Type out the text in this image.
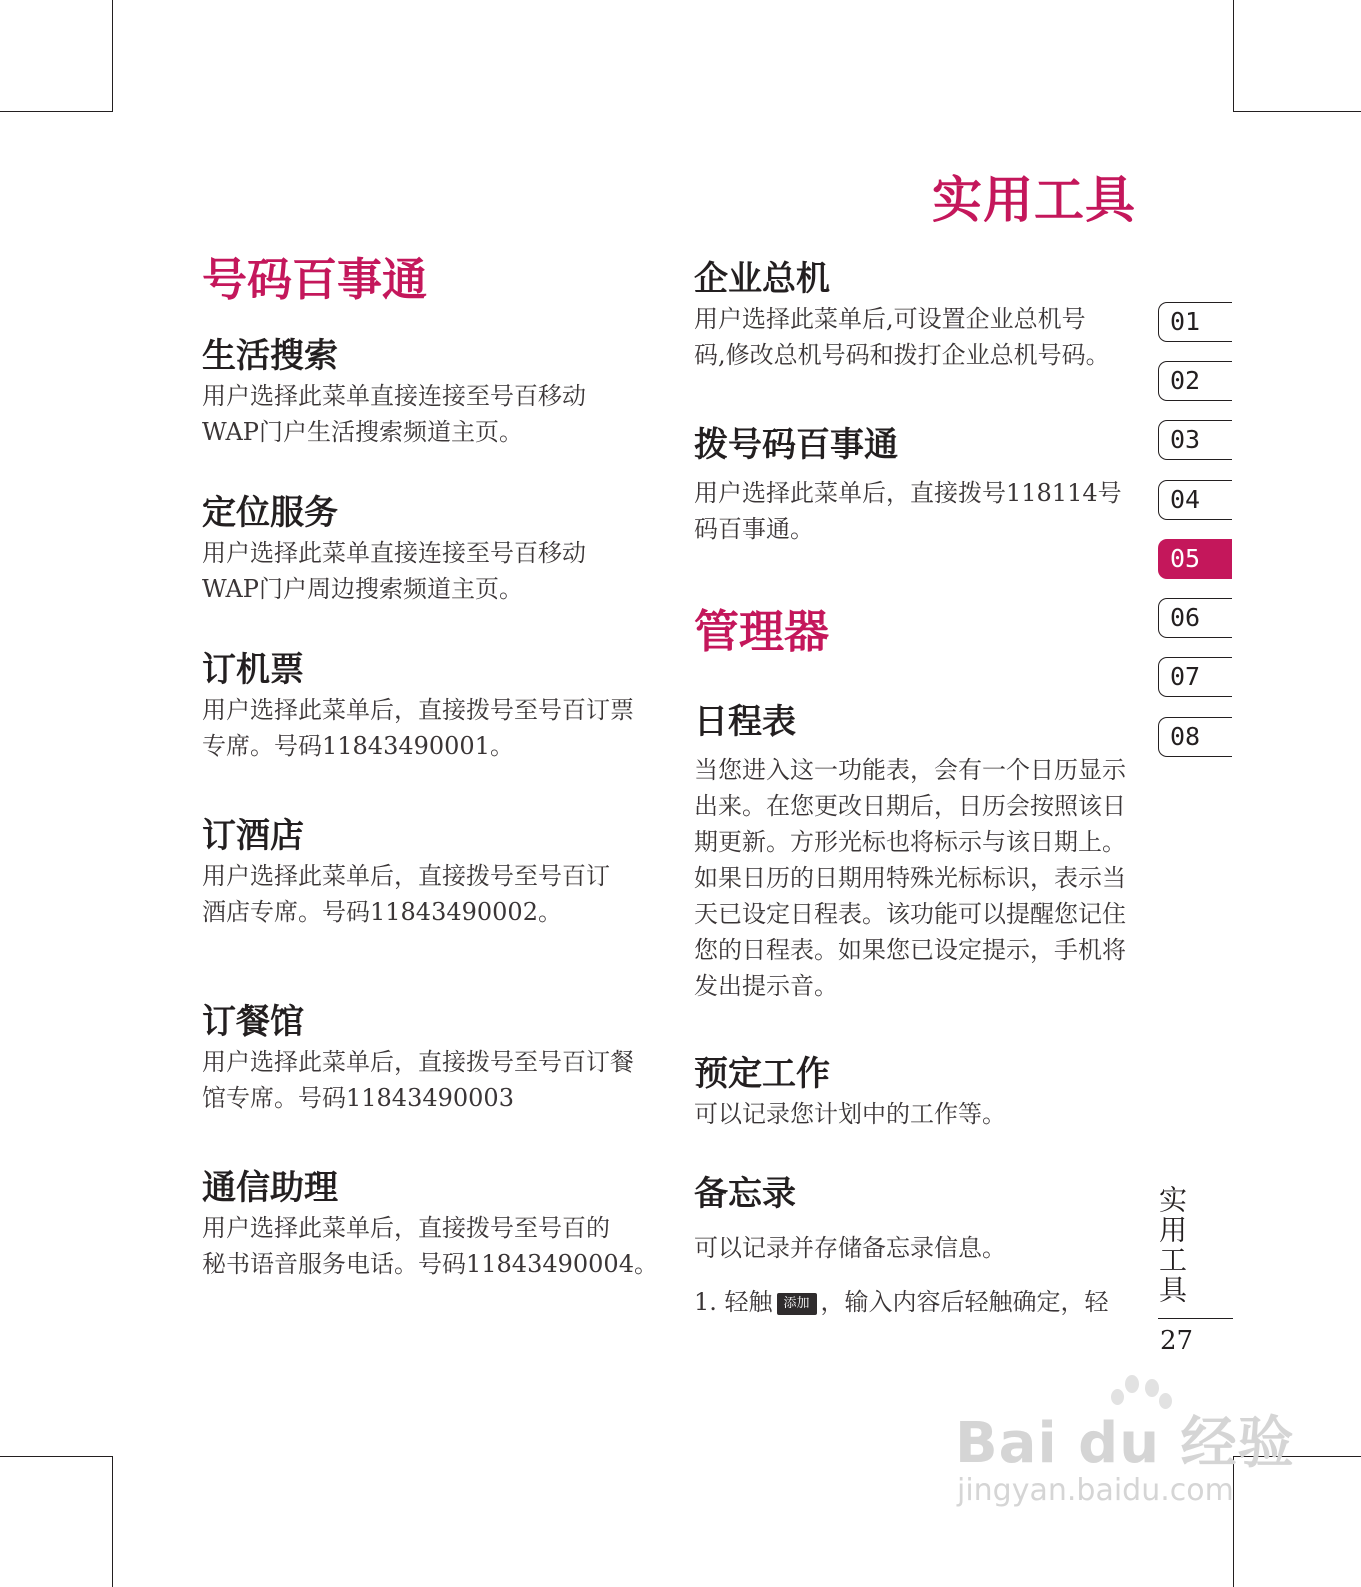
实用工具
号码百事通
生活搜索
用户选择此菜单直接连接至号百移动
WAP门户生活搜索频道主页。
定位服务
用户选择此菜单直接连接至号百移动
WAP门户周边搜索频道主页。
订机票
用户选择此菜单后，直接拨号至号百订票
专席。号码11843490001。
订酒店
用户选择此菜单后，直接拨号至号百订
酒店专席。号码11843490002。
订餐馆
用户选择此菜单后，直接拨号至号百订餐
馆专席。号码11843490003
通信助理
用户选择此菜单后，直接拨号至号百的
秘书语音服务电话。号码11843490004。
企业总机
用户选择此菜单后,可设置企业总机号
码,修改总机号码和拨打企业总机号码。
拨号码百事通
用户选择此菜单后，直接拨号118114号
码百事通。
管理器
日程表
当您进入这一功能表，会有一个日历显示
出来。在您更改日期后，日历会按照该日
期更新。方形光标也将标示与该日期上。
如果日历的日期用特殊光标标识，表示当
天已设定日程表。该功能可以提醒您记住
您的日程表。如果您已设定提示，手机将
发出提示音。
预定工作
可以记录您计划中的工作等。
备忘录
可以记录并存储备忘录信息。
1. 轻触 添加 ，输入内容后轻触确定，轻
01
02
03
04
05
06
07
08
实用工具
27
Bai du 经验
jingyan.baidu.com
